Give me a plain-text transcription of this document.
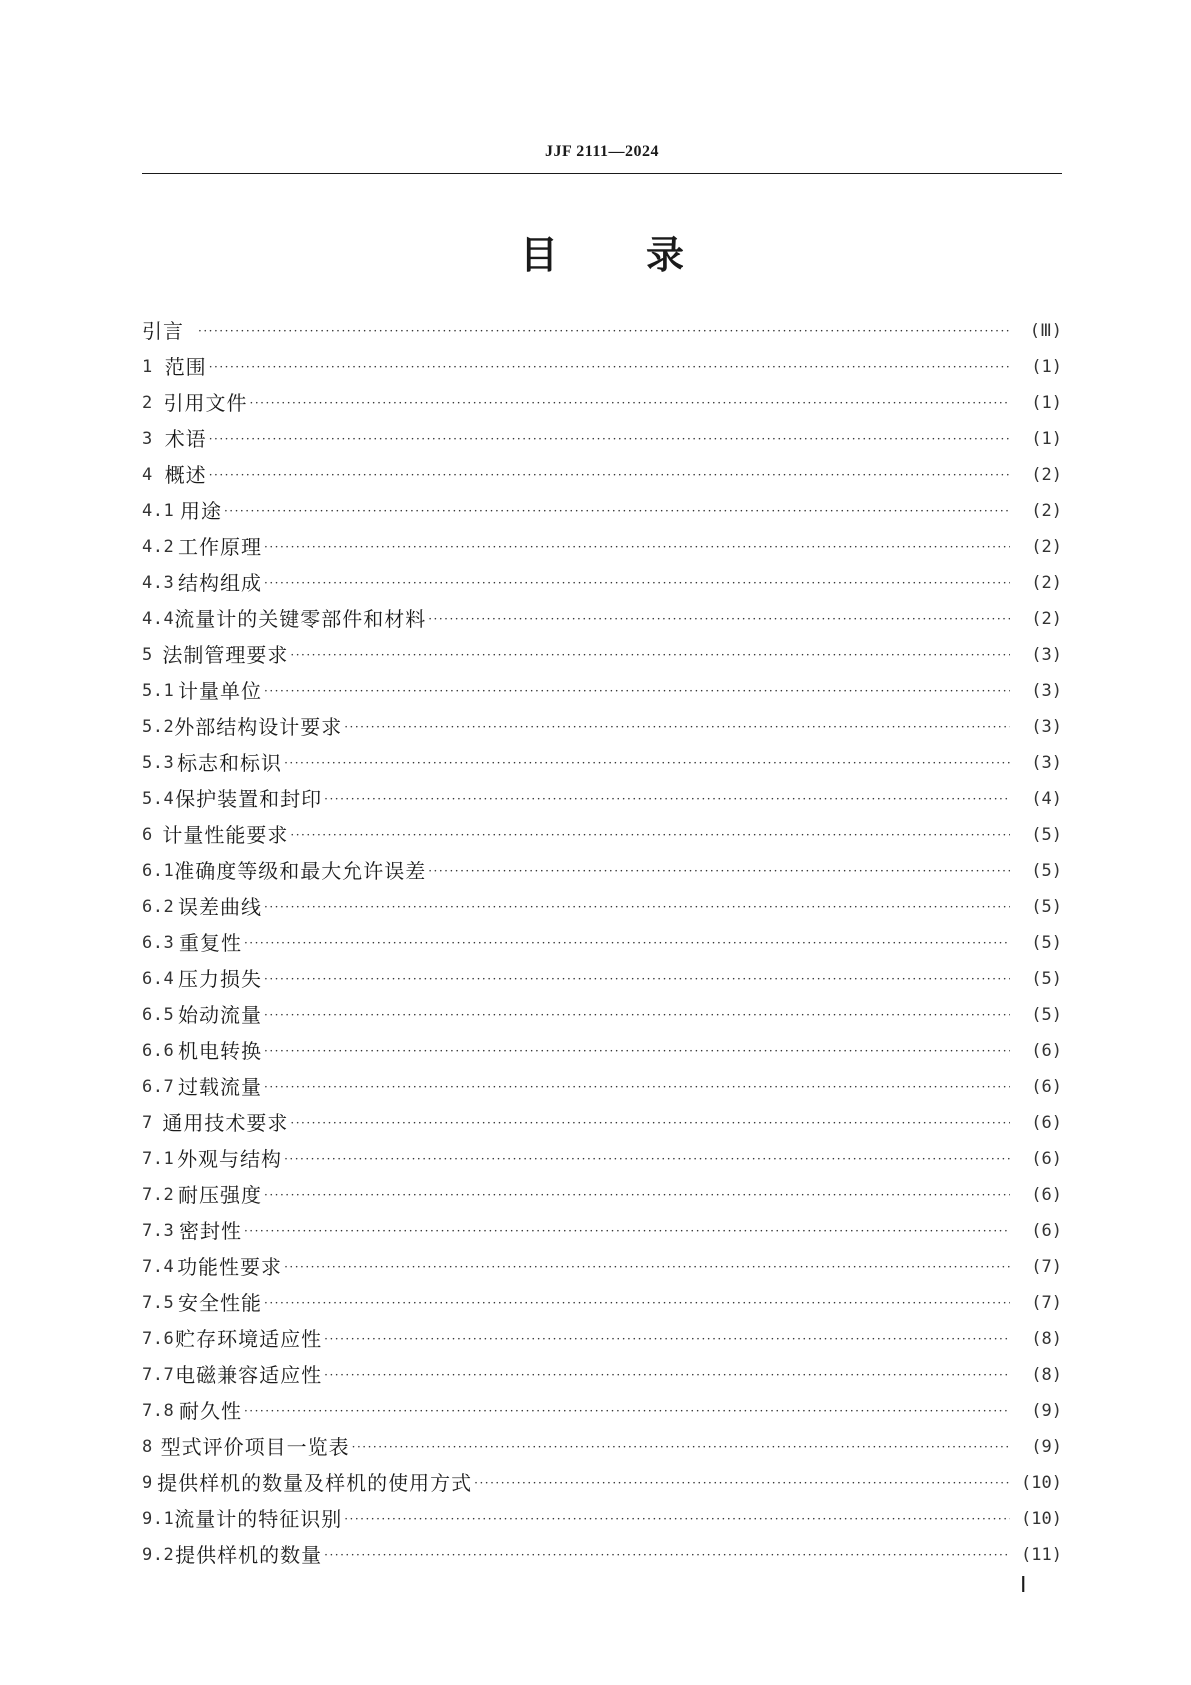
JJF 2111—2024
目 录
引言 ·····	(Ⅲ)
1 范围 ·····	(1)
2 引用文件 ·····	(1)
3 术语 ·····	(1)
4 概述 ·····	(2)
4.1 用途 ·····	(2)
4.2 工作原理 ·····	(2)
4.3 结构组成 ·····	(2)
4.4 流量计的关键零部件和材料 ·····	(2)
5 法制管理要求 ·····	(3)
5.1 计量单位 ·····	(3)
5.2 外部结构设计要求 ·····	(3)
5.3 标志和标识 ·····	(3)
5.4 保护装置和封印 ·····	(4)
6 计量性能要求 ·····	(5)
6.1 准确度等级和最大允许误差 ·····	(5)
6.2 误差曲线 ·····	(5)
6.3 重复性 ·····	(5)
6.4 压力损失 ·····	(5)
6.5 始动流量 ·····	(5)
6.6 机电转换 ·····	(6)
6.7 过载流量 ·····	(6)
7 通用技术要求 ·····	(6)
7.1 外观与结构 ·····	(6)
7.2 耐压强度 ·····	(6)
7.3 密封性 ·····	(6)
7.4 功能性要求 ·····	(7)
7.5 安全性能 ·····	(7)
7.6 贮存环境适应性 ·····	(8)
7.7 电磁兼容适应性 ·····	(8)
7.8 耐久性 ·····	(9)
8 型式评价项目一览表 ·····	(9)
9 提供样机的数量及样机的使用方式 ·····	(10)
9.1 流量计的特征识别 ·····	(10)
9.2 提供样机的数量 ·····	(11)
Ⅰ
